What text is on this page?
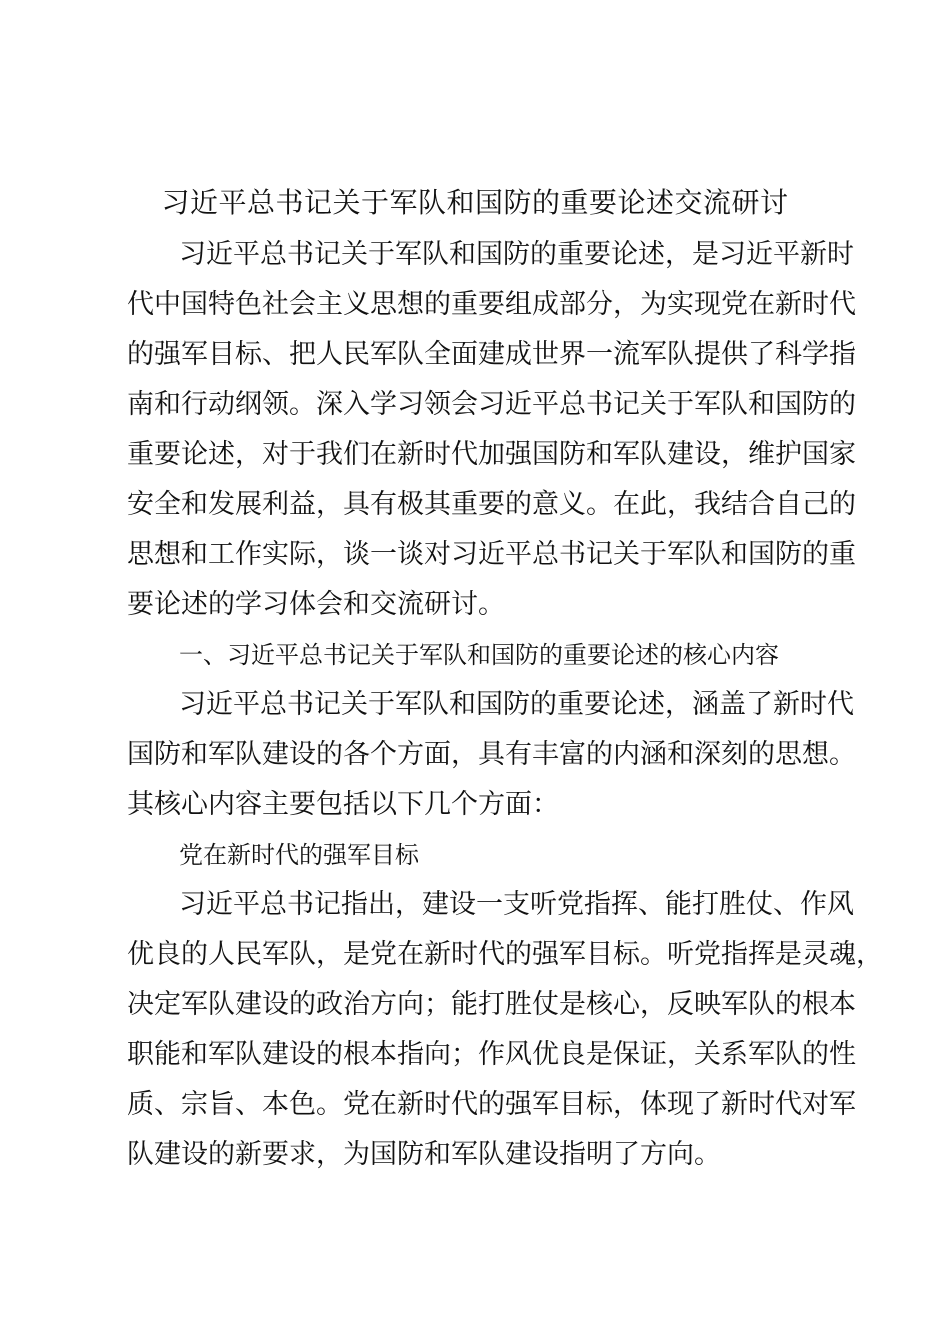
习近平总书记关于军队和国防的重要论述交流研讨
习近平总书记关于军队和国防的重要论述，是习近平新时
代中国特色社会主义思想的重要组成部分，为实现党在新时代
的强军目标、把人民军队全面建成世界一流军队提供了科学指
南和行动纲领。深入学习领会习近平总书记关于军队和国防的
重要论述，对于我们在新时代加强国防和军队建设，维护国家
安全和发展利益，具有极其重要的意义。在此，我结合自己的
思想和工作实际，谈一谈对习近平总书记关于军队和国防的重
要论述的学习体会和交流研讨。
一、习近平总书记关于军队和国防的重要论述的核心内容
习近平总书记关于军队和国防的重要论述，涵盖了新时代
国防和军队建设的各个方面，具有丰富的内涵和深刻的思想。
其核心内容主要包括以下几个方面：
党在新时代的强军目标
习近平总书记指出，建设一支听党指挥、能打胜仗、作风
优良的人民军队，是党在新时代的强军目标。听党指挥是灵魂，
决定军队建设的政治方向；能打胜仗是核心，反映军队的根本
职能和军队建设的根本指向；作风优良是保证，关系军队的性
质、宗旨、本色。党在新时代的强军目标，体现了新时代对军
队建设的新要求，为国防和军队建设指明了方向。
